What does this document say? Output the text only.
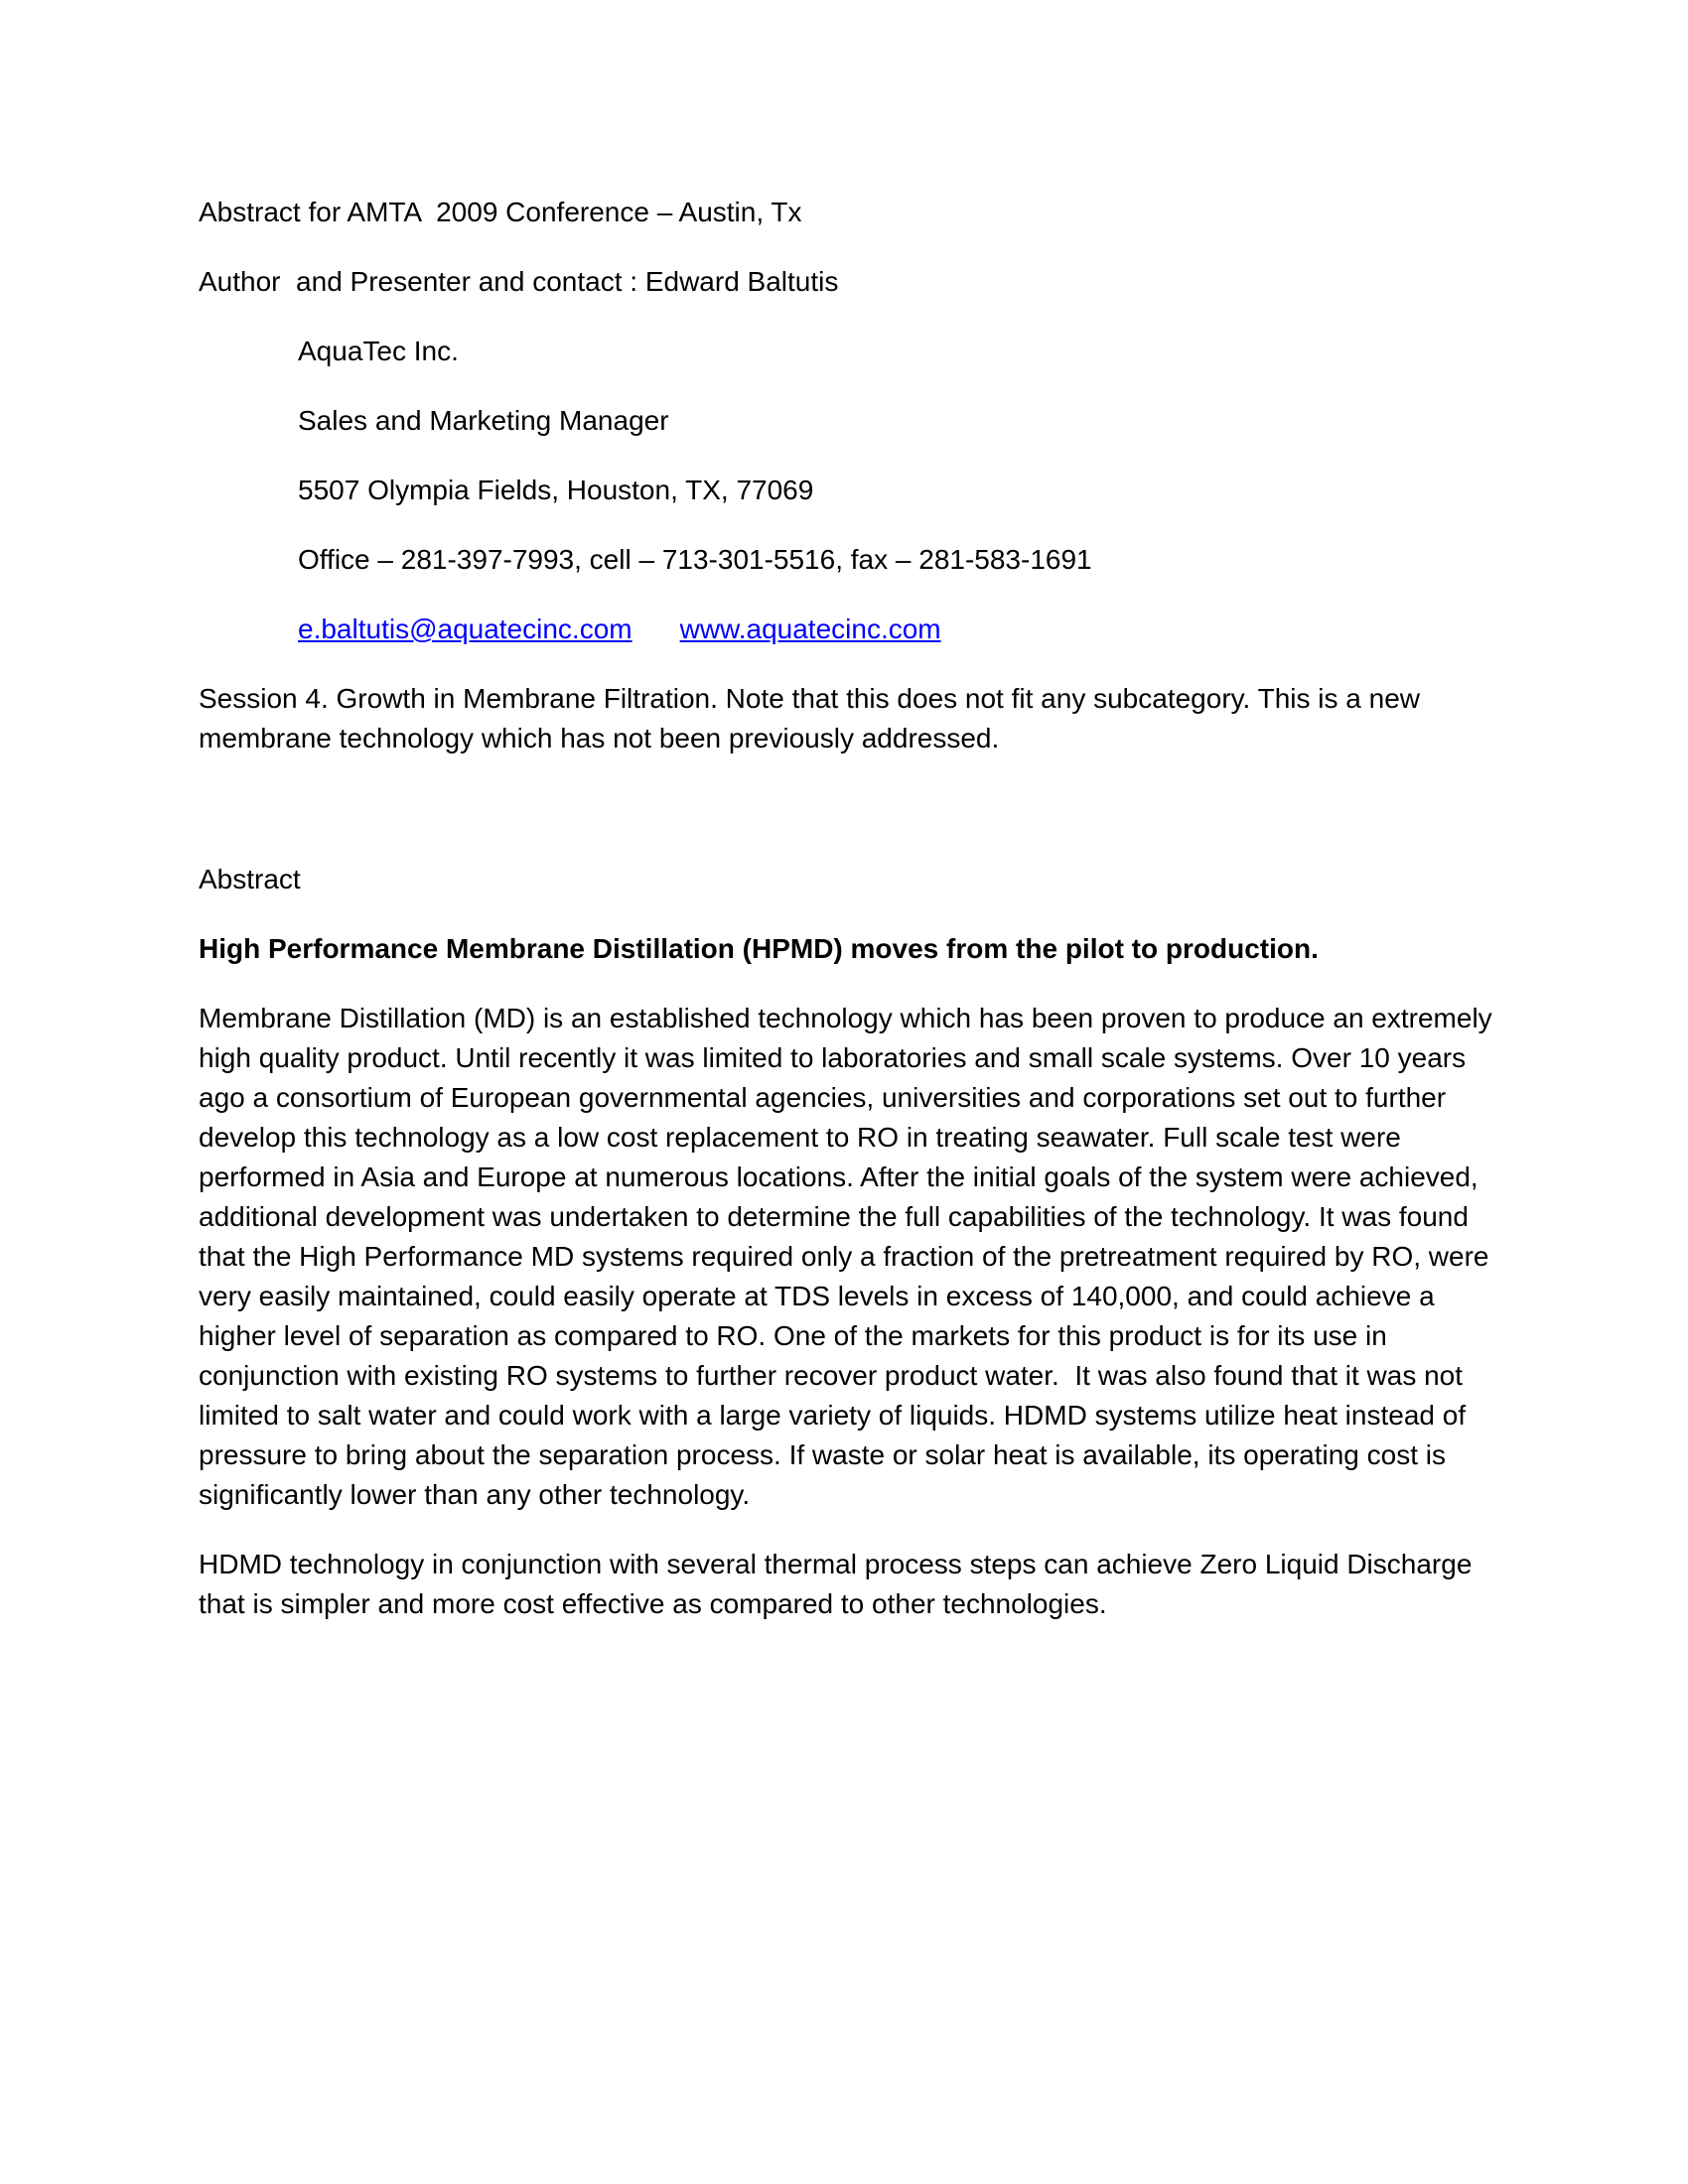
Abstract for AMTA  2009 Conference – Austin, Tx

Author  and Presenter and contact : Edward Baltutis

AquaTec Inc.

Sales and Marketing Manager

5507 Olympia Fields, Houston, TX, 77069

Office – 281-397-7993, cell – 713-301-5516, fax – 281-583-1691

e.baltutis@aquatecinc.com www.aquatecinc.com

Session 4. Growth in Membrane Filtration. Note that this does not fit any subcategory. This is a new membrane technology which has not been previously addressed.

Abstract

High Performance Membrane Distillation (HPMD) moves from the pilot to production.

Membrane Distillation (MD) is an established technology which has been proven to produce an extremely high quality product. Until recently it was limited to laboratories and small scale systems. Over 10 years ago a consortium of European governmental agencies, universities and corporations set out to further develop this technology as a low cost replacement to RO in treating seawater. Full scale test were performed in Asia and Europe at numerous locations. After the initial goals of the system were achieved, additional development was undertaken to determine the full capabilities of the technology. It was found that the High Performance MD systems required only a fraction of the pretreatment required by RO, were very easily maintained, could easily operate at TDS levels in excess of 140,000, and could achieve a higher level of separation as compared to RO. One of the markets for this product is for its use in conjunction with existing RO systems to further recover product water.  It was also found that it was not limited to salt water and could work with a large variety of liquids. HDMD systems utilize heat instead of pressure to bring about the separation process. If waste or solar heat is available, its operating cost is significantly lower than any other technology.

HDMD technology in conjunction with several thermal process steps can achieve Zero Liquid Discharge that is simpler and more cost effective as compared to other technologies.
